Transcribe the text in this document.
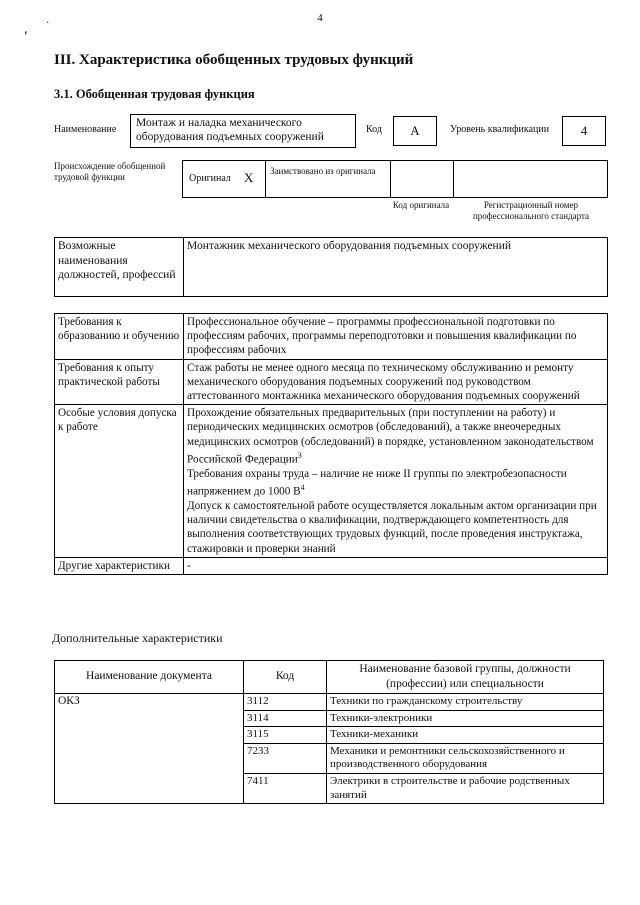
4
·
'
III. Характеристика обобщенных трудовых функций
3.1. Обобщенная трудовая функция
Наименование
Монтаж и наладка механического оборудования подъемных сооружений
Код	А	Уровень квалификации	4
Происхождение обобщенной трудовой функции	Оригинал X Заимствовано из оригинала
Код оригинала	Регистрационный номер профессионального стандарта
Возможные наименования должностей, профессий	Монтажник механического оборудования подъемных сооружений
Требования к образованию и обучению	Профессиональное обучение – программы профессиональной подготовки по профессиям рабочих, программы переподготовки и повышения квалификации по профессиям рабочих
Требования к опыту практической работы	Стаж работы не менее одного месяца по техническому обслуживанию и ремонту механического оборудования подъемных сооружений под руководством аттестованного монтажника механического оборудования подъемных сооружений
Особые условия допуска к работе	Прохождение обязательных предварительных (при поступлении на работу) и периодических медицинских осмотров (обследований), а также внеочередных медицинских осмотров (обследований) в порядке, установленном законодательством Российской Федерации$^3$
Требования охраны труда – наличие не ниже II группы по электробезопасности напряжением до 1000 $В^4$
Допуск к самостоятельной работе осуществляется локальным актом организации при наличии свидетельства о квалификации, подтверждающего компетентность для выполнения соответствующих трудовых функций, после проведения инструктажа, стажировки и проверки знаний
Другие характеристики	-
Дополнительные характеристики
Наименование документа	Код	Наименование базовой группы, должности (профессии) или специальности
ОКЗ	3112	Техники по гражданскому строительству
	3114	Техники-электроники
	3115	Техники-механики
	7233	Механики и ремонтники сельскохозяйственного и производственного оборудования
	7411	Электрики в строительстве и рабочие родственных занятий
